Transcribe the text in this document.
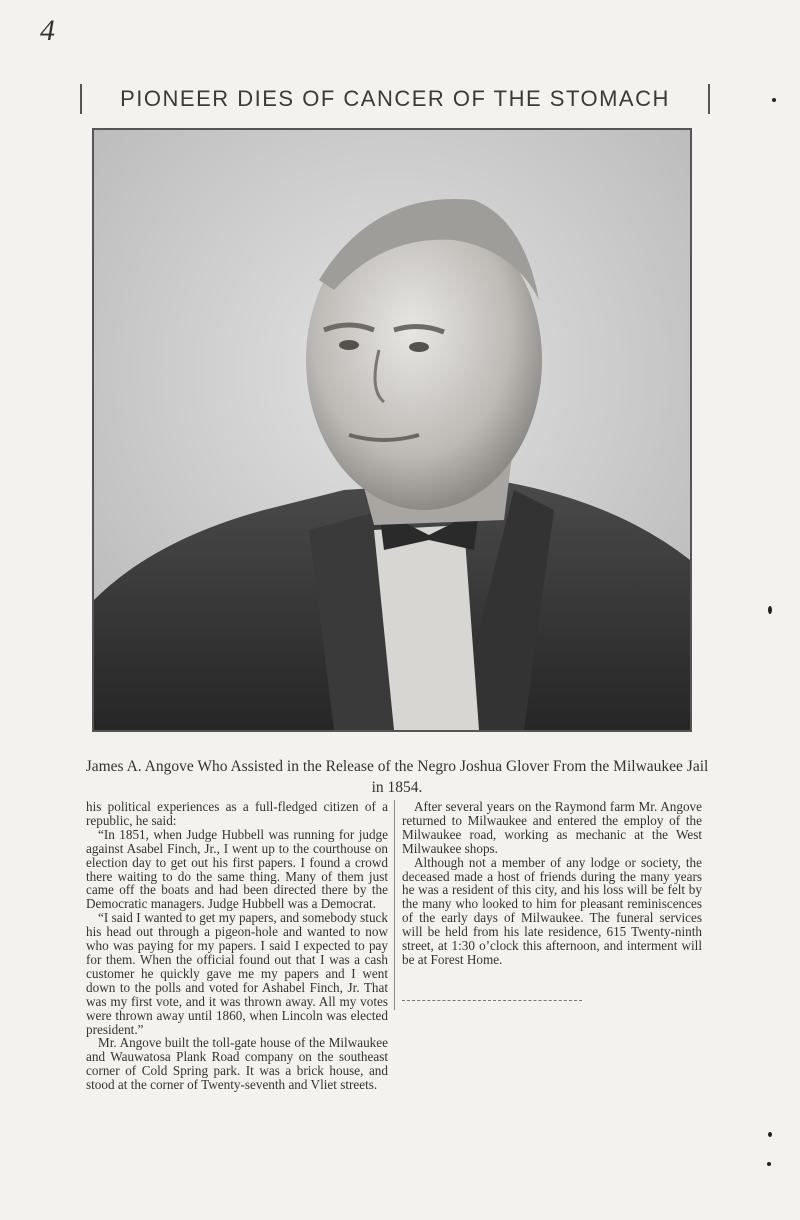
4
PIONEER DIES OF CANCER OF THE STOMACH
James A. Angove Who Assisted in the Release of the Negro Joshua Glover From the Milwaukee Jail in 1854.

his political experiences as a full-fledged citizen of a republic, he said:

“In 1851, when Judge Hubbell was running for judge against Asabel Finch, Jr., I went up to the courthouse on election day to get out his first papers. I found a crowd there waiting to do the same thing. Many of them just came off the boats and had been directed there by the Democratic managers. Judge Hubbell was a Democrat.

“I said I wanted to get my papers, and somebody stuck his head out through a pigeon-hole and wanted to now who was paying for my papers. I said I expected to pay for them. When the official found out that I was a cash customer he quickly gave me my papers and I went down to the polls and voted for Ashabel Finch, Jr. That was my first vote, and it was thrown away. All my votes were thrown away until 1860, when Lincoln was elected president.”

Mr. Angove built the toll-gate house of the Milwaukee and Wauwatosa Plank Road company on the southeast corner of Cold Spring park. It was a brick house, and stood at the corner of Twenty-seventh and Vliet streets.

After several years on the Raymond farm Mr. Angove returned to Milwaukee and entered the employ of the Milwaukee road, working as mechanic at the West Milwaukee shops.

Although not a member of any lodge or society, the deceased made a host of friends during the many years he was a resident of this city, and his loss will be felt by the many who looked to him for pleasant reminiscences of the early days of Milwaukee. The funeral services will be held from his late residence, 615 Twenty-ninth street, at 1:30 o’clock this afternoon, and interment will be at Forest Home.
